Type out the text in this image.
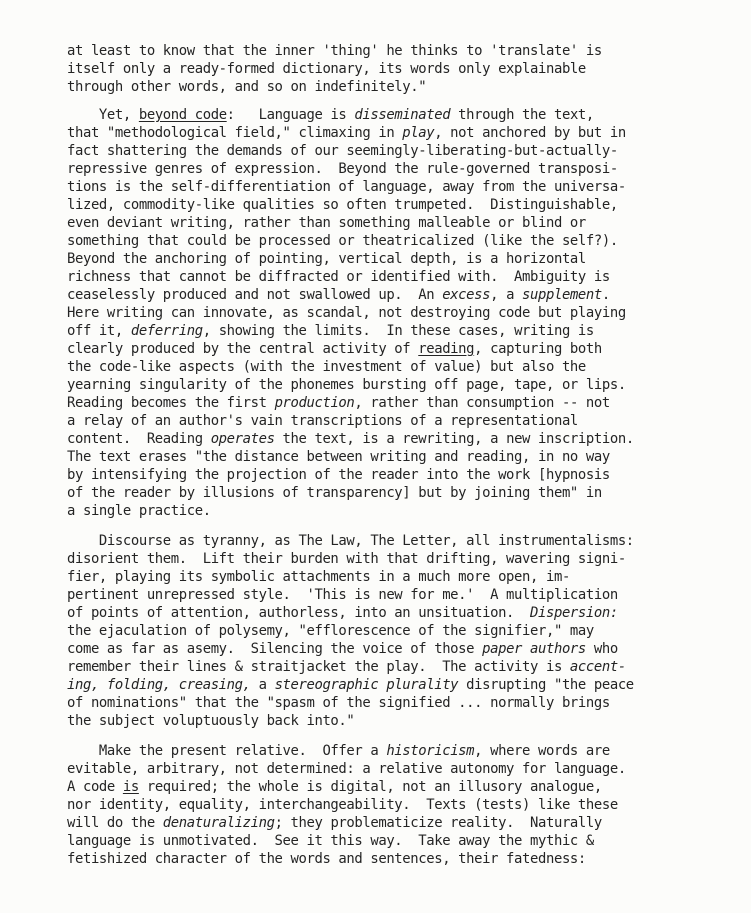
at least to know that the inner 'thing' he thinks to 'translate' is
itself only a ready-formed dictionary, its words only explainable
through other words, and so on indefinitely."
Yet, beyond code:   Language is disseminated through the text,
that "methodological field," climaxing in play, not anchored by but in
fact shattering the demands of our seemingly-liberating-but-actually-
repressive genres of expression.  Beyond the rule-governed transposi-
tions is the self-differentiation of language, away from the universa-
lized, commodity-like qualities so often trumpeted.  Distinguishable,
even deviant writing, rather than something malleable or blind or
something that could be processed or theatricalized (like the self?).
Beyond the anchoring of pointing, vertical depth, is a horizontal
richness that cannot be diffracted or identified with.  Ambiguity is
ceaselessly produced and not swallowed up.  An excess, a supplement.
Here writing can innovate, as scandal, not destroying code but playing
off it, deferring, showing the limits.  In these cases, writing is
clearly produced by the central activity of reading, capturing both
the code-like aspects (with the investment of value) but also the
yearning singularity of the phonemes bursting off page, tape, or lips.
Reading becomes the first production, rather than consumption -- not
a relay of an author's vain transcriptions of a representational
content.  Reading operates the text, is a rewriting, a new inscription.
The text erases "the distance between writing and reading, in no way
by intensifying the projection of the reader into the work [hypnosis
of the reader by illusions of transparency] but by joining them" in
a single practice.
Discourse as tyranny, as The Law, The Letter, all instrumentalisms:
disorient them.  Lift their burden with that drifting, wavering signi-
fier, playing its symbolic attachments in a much more open, im-
pertinent unrepressed style.  'This is new for me.'  A multiplication
of points of attention, authorless, into an unsituation.  Dispersion:
the ejaculation of polysemy, "efflorescence of the signifier," may
come as far as asemy.  Silencing the voice of those paper authors who
remember their lines & straitjacket the play.  The activity is accent-
ing, folding, creasing, a stereographic plurality disrupting "the peace
of nominations" that the "spasm of the signified ... normally brings
the subject voluptuously back into."
Make the present relative.  Offer a historicism, where words are
evitable, arbitrary, not determined: a relative autonomy for language.
A code is required; the whole is digital, not an illusory analogue,
nor identity, equality, interchangeability.  Texts (tests) like these
will do the denaturalizing; they problematicize reality.  Naturally
language is unmotivated.  See it this way.  Take away the mythic &
fetishized character of the words and sentences, their fatedness:
